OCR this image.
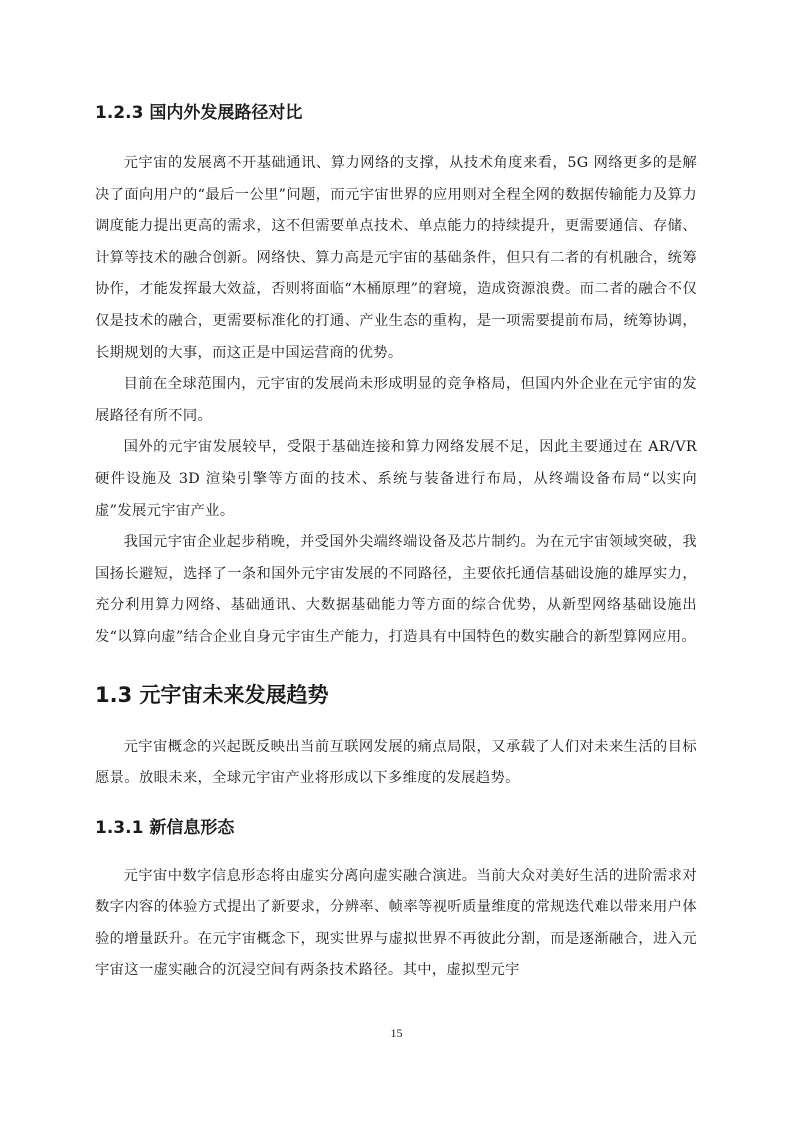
1.2.3 国内外发展路径对比

元宇宙的发展离不开基础通讯、算力网络的支撑，从技术角度来看，5G 网络更多的是解决了面向用户的“最后一公里”问题，而元宇宙世界的应用则对全程全网的数据传输能力及算力调度能力提出更高的需求，这不但需要单点技术、单点能力的持续提升，更需要通信、存储、计算等技术的融合创新。网络快、算力高是元宇宙的基础条件，但只有二者的有机融合，统筹协作，才能发挥最大效益，否则将面临“木桶原理”的窘境，造成资源浪费。而二者的融合不仅仅是技术的融合，更需要标准化的打通、产业生态的重构，是一项需要提前布局，统筹协调，长期规划的大事，而这正是中国运营商的优势。

目前在全球范围内，元宇宙的发展尚未形成明显的竞争格局，但国内外企业在元宇宙的发展路径有所不同。

国外的元宇宙发展较早，受限于基础连接和算力网络发展不足，因此主要通过在 AR/VR 硬件设施及 3D 渲染引擎等方面的技术、系统与装备进行布局，从终端设备布局“以实向虚”发展元宇宙产业。

我国元宇宙企业起步稍晚，并受国外尖端终端设备及芯片制约。为在元宇宙领域突破，我国扬长避短，选择了一条和国外元宇宙发展的不同路径，主要依托通信基础设施的雄厚实力，充分利用算力网络、基础通讯、大数据基础能力等方面的综合优势，从新型网络基础设施出发“以算向虚”结合企业自身元宇宙生产能力，打造具有中国特色的数实融合的新型算网应用。

1.3 元宇宙未来发展趋势

元宇宙概念的兴起既反映出当前互联网发展的痛点局限，又承载了人们对未来生活的目标愿景。放眼未来，全球元宇宙产业将形成以下多维度的发展趋势。

1.3.1 新信息形态

元宇宙中数字信息形态将由虚实分离向虚实融合演进。当前大众对美好生活的进阶需求对数字内容的体验方式提出了新要求，分辨率、帧率等视听质量维度的常规迭代难以带来用户体验的增量跃升。在元宇宙概念下，现实世界与虚拟世界不再彼此分割，而是逐渐融合，进入元宇宙这一虚实融合的沉浸空间有两条技术路径。其中，虚拟型元宇

15
